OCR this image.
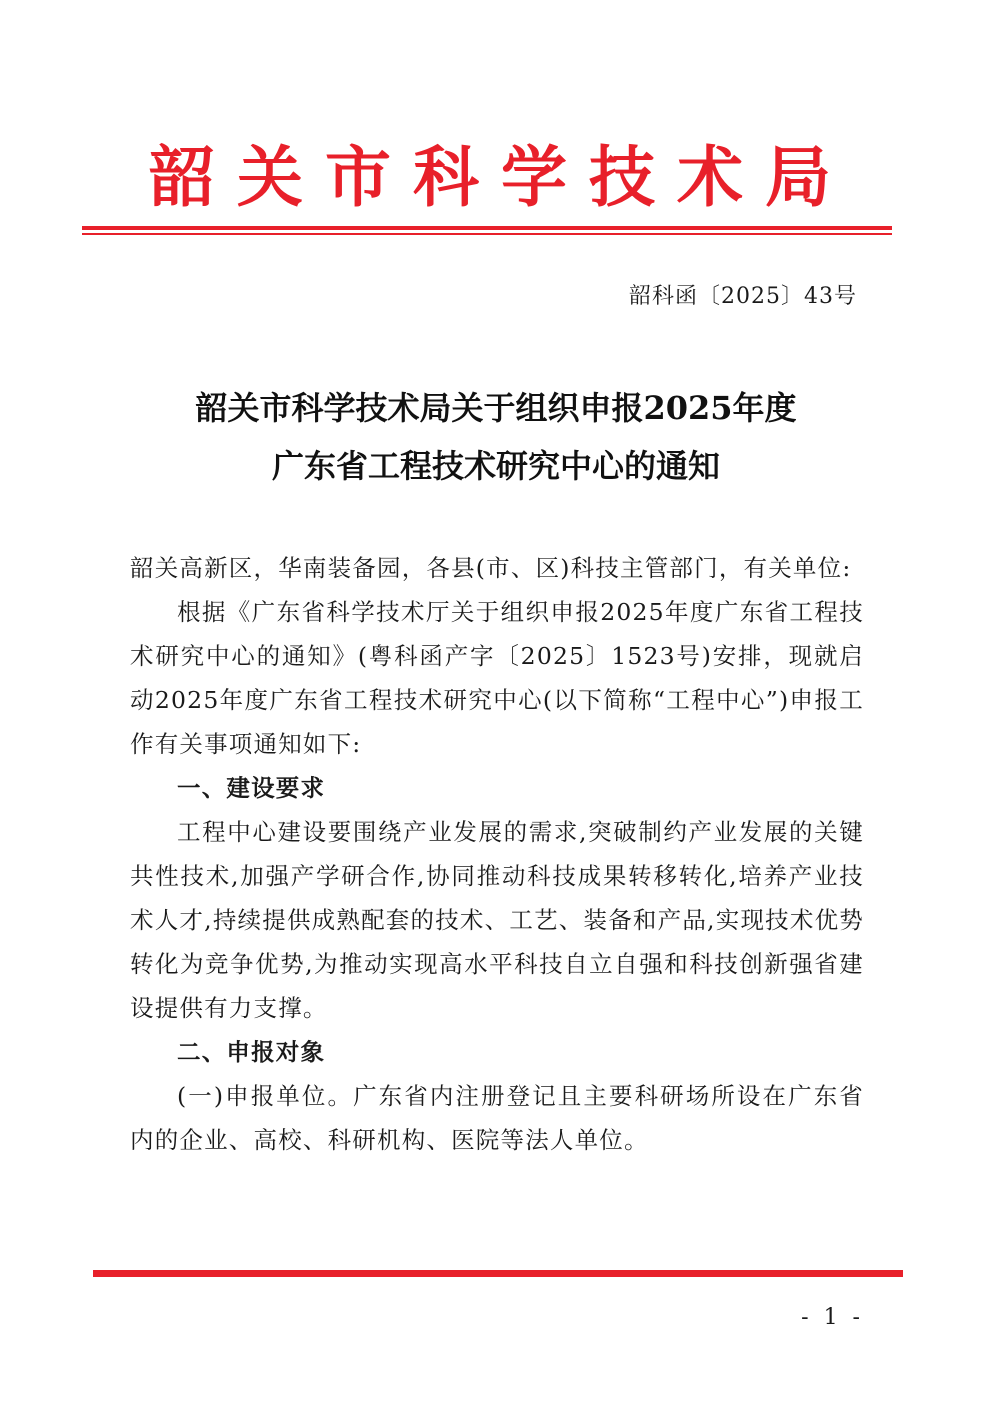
韶关市科学技术局
韶科函〔2025〕43号
韶关市科学技术局关于组织申报2025年度
广东省工程技术研究中心的通知

韶关高新区，华南装备园，各县(市、区)科技主管部门，有关单位:

根据《广东省科学技术厅关于组织申报2025年度广东省工程技术研究中心的通知》(粤科函产字〔2025〕1523号)安排，现就启动2025年度广东省工程技术研究中心(以下简称“工程中心”)申报工作有关事项通知如下:

一、建设要求

工程中心建设要围绕产业发展的需求,突破制约产业发展的关键共性技术,加强产学研合作,协同推动科技成果转移转化,培养产业技术人才,持续提供成熟配套的技术、工艺、装备和产品,实现技术优势转化为竞争优势,为推动实现高水平科技自立自强和科技创新强省建设提供有力支撑。

二、申报对象

(一)申报单位。广东省内注册登记且主要科研场所设在广东省内的企业、高校、科研机构、医院等法人单位。

- 1 -
